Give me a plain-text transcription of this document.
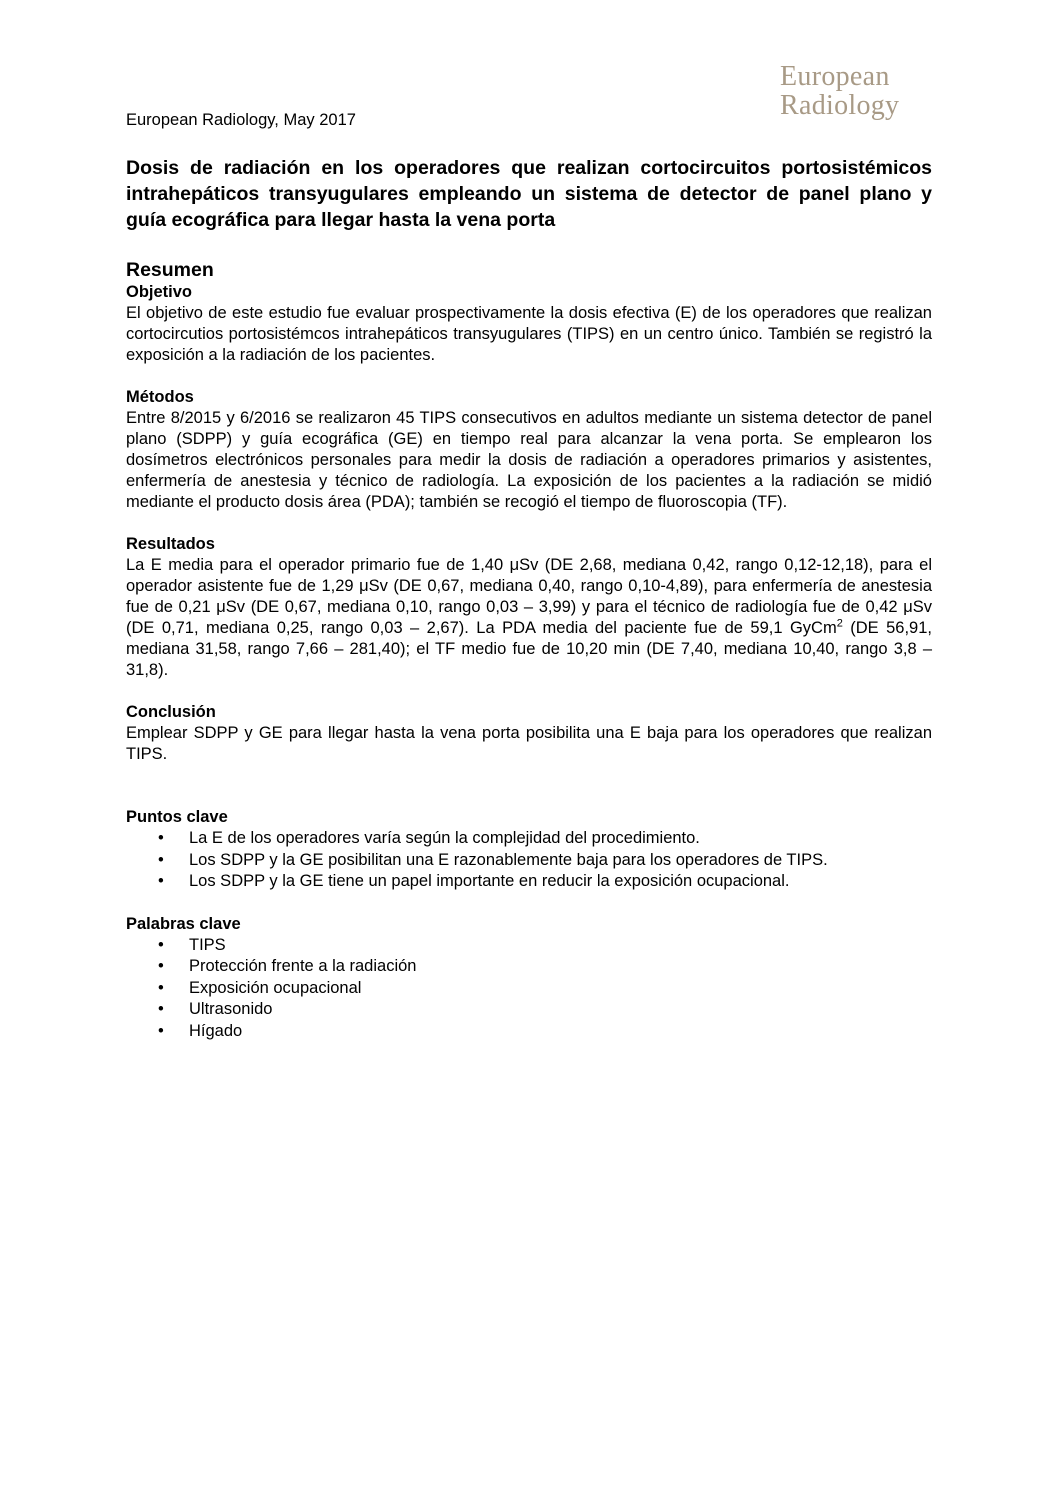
European
Radiology

European Radiology, May 2017

Dosis de radiación en los operadores que realizan cortocircuitos portosistémicos intrahepáticos transyugulares empleando un sistema de detector de panel plano y guía ecográfica para llegar hasta la vena porta
Resumen
Objetivo

El objetivo de este estudio fue evaluar prospectivamente la dosis efectiva (E) de los operadores que realizan cortocircutios portosistémcos intrahepáticos transyugulares (TIPS) en un centro único. También se registró la exposición a la radiación de los pacientes.

Métodos

Entre 8/2015 y 6/2016 se realizaron 45 TIPS consecutivos en adultos mediante un sistema detector de panel plano (SDPP) y guía ecográfica (GE) en tiempo real para alcanzar la vena porta. Se emplearon los dosímetros electrónicos personales para medir la dosis de radiación a operadores primarios y asistentes, enfermería de anestesia y técnico de radiología. La exposición de los pacientes a la radiación se midió mediante el producto dosis área (PDA); también se recogió el tiempo de fluoroscopia (TF).

Resultados

La E media para el operador primario fue de 1,40 μSv (DE 2,68, mediana 0,42, rango 0,12-12,18), para el operador asistente fue de 1,29 μSv (DE 0,67, mediana 0,40, rango 0,10-4,89), para enfermería de anestesia fue de 0,21 μSv (DE 0,67, mediana 0,10, rango 0,03 – 3,99) y para el técnico de radiología fue de 0,42 μSv (DE 0,71, mediana 0,25, rango 0,03 – 2,67). La PDA media del paciente fue de 59,1 GyCm$^2$ (DE 56,91, mediana 31,58, rango 7,66 – 281,40); el TF medio fue de 10,20 min (DE 7,40, mediana 10,40, rango 3,8 – 31,8).

Conclusión

Emplear SDPP y GE para llegar hasta la vena porta posibilita una E baja para los operadores que realizan TIPS.

Puntos clave
• La E de los operadores varía según la complejidad del procedimiento.
• Los SDPP y la GE posibilitan una E razonablemente baja para los operadores de TIPS.
• Los SDPP y la GE tiene un papel importante en reducir la exposición ocupacional.
Palabras clave
• TIPS
• Protección frente a la radiación
• Exposición ocupacional
• Ultrasonido
• Hígado
